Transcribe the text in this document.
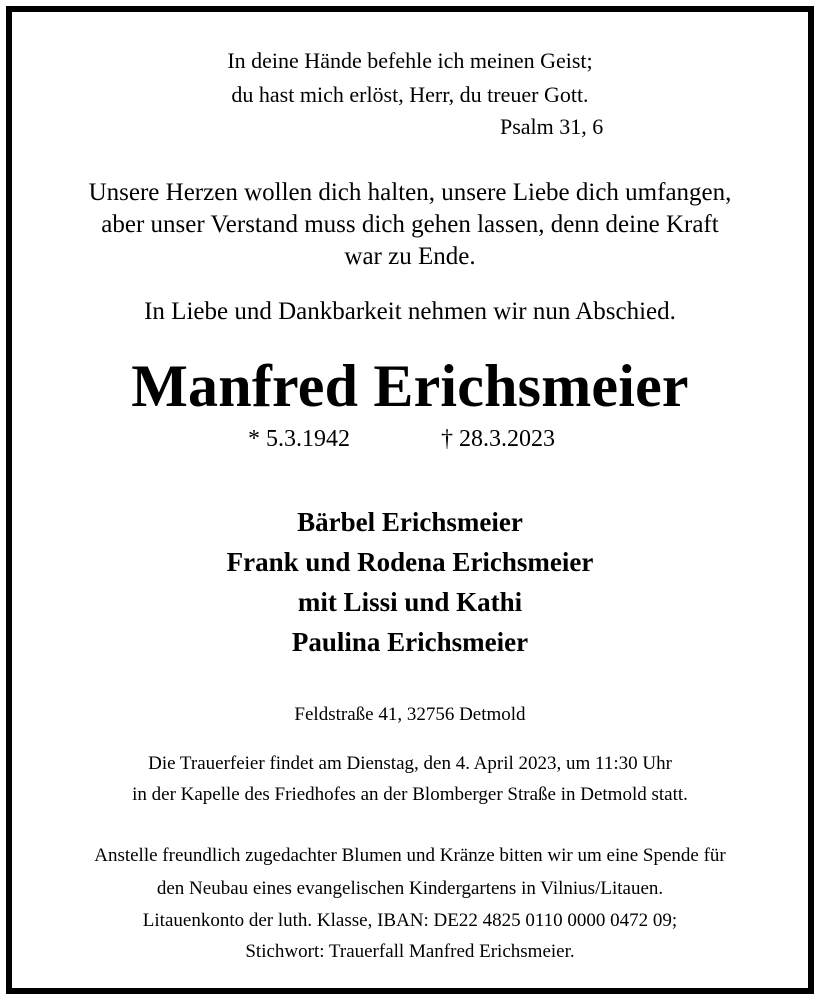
In deine Hände befehle ich meinen Geist;
du hast mich erlöst, Herr, du treuer Gott.
Psalm 31, 6
Unsere Herzen wollen dich halten, unsere Liebe dich umfangen,
aber unser Verstand muss dich gehen lassen, denn deine Kraft
war zu Ende.
In Liebe und Dankbarkeit nehmen wir nun Abschied.
Manfred Erichsmeier
* 5.3.1942	† 28.3.2023
Bärbel Erichsmeier
Frank und Rodena Erichsmeier
mit Lissi und Kathi
Paulina Erichsmeier
Feldstraße 41, 32756 Detmold
Die Trauerfeier findet am Dienstag, den 4. April 2023, um 11:30 Uhr
in der Kapelle des Friedhofes an der Blomberger Straße in Detmold statt.
Anstelle freundlich zugedachter Blumen und Kränze bitten wir um eine Spende für
den Neubau eines evangelischen Kindergartens in Vilnius/Litauen.
Litauenkonto der luth. Klasse, IBAN: DE22 4825 0110 0000 0472 09;
Stichwort: Trauerfall Manfred Erichsmeier.
